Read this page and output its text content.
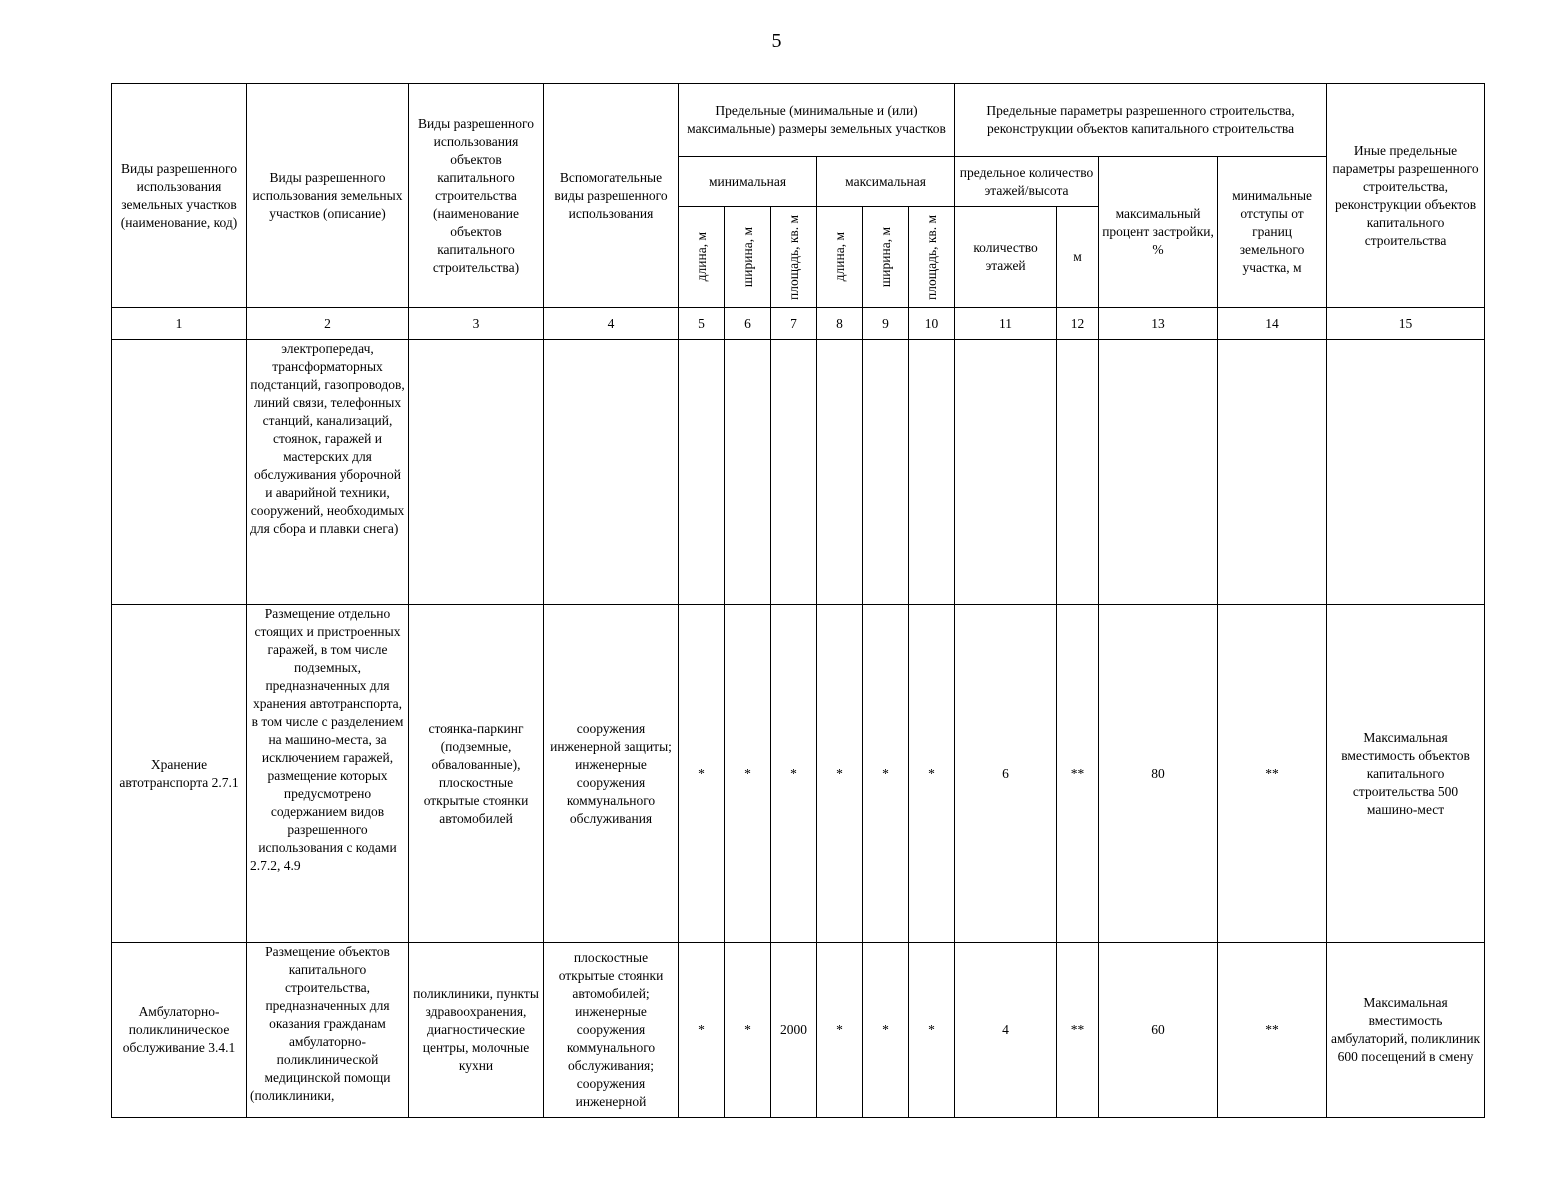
5
Виды разрешенного использования земельных участков (наименование, код)	Виды разрешенного использования земельных участков (описание)	Виды разрешенного использования объектов капитального строительства (наименование объектов капитального строительства)	Вспомогательные виды разрешенного использования	Предельные (минимальные и (или) максимальные) размеры земельных участков						Предельные параметры разрешенного строительства, реконструкции объектов капитального строительства				Иные предельные параметры разрешенного строительства, реконструкции объектов капитального строительства
				минимальная			максимальная			предельное количество этажей/высота		максимальный процент застройки, %	минимальные отступы от границ земельного участка, м	

				длина, м	ширина, м	площадь, кв. м	длина, м	ширина, м	площадь, кв. м	количество этажей	м			
1	2	3	4	5	6	7	8	9	10	11	12	13	14	15
	электропередач, трансформаторных подстанций, газопроводов, линий связи, телефонных станций, канализаций, стоянок, гаражей и мастерских для обслуживания уборочной и аварийной техники, сооружений, необходимых для сбора и плавки снега)													
Хранение автотранспорта 2.7.1	Размещение отдельно стоящих и пристроенных гаражей, в том числе подземных, предназначенных для хранения автотранспорта, в том числе с разделением на машино-места, за исключением гаражей, размещение которых предусмотрено содержанием видов разрешенного использования с кодами 2.7.2, 4.9	стоянка-паркинг (подземные, обвалованные), плоскостные открытые стоянки автомобилей	сооружения инженерной защиты; инженерные сооружения коммунального обслуживания	*	*	*	*	*	*	6	**	80	**	Максимальная вместимость объектов капитального строительства 500 машино-мест
Амбулаторно-поликлиническое обслуживание 3.4.1	Размещение объектов капитального строительства, предназначенных для оказания гражданам амбулаторно-поликлинической медицинской помощи (поликлиники,	поликлиники, пункты здравоохранения, диагностические центры, молочные кухни	плоскостные открытые стоянки автомобилей; инженерные сооружения коммунального обслуживания; сооружения инженерной	*	*	2000	*	*	*	4	**	60	**	Максимальная вместимость амбулаторий, поликлиник 600 посещений в смену
